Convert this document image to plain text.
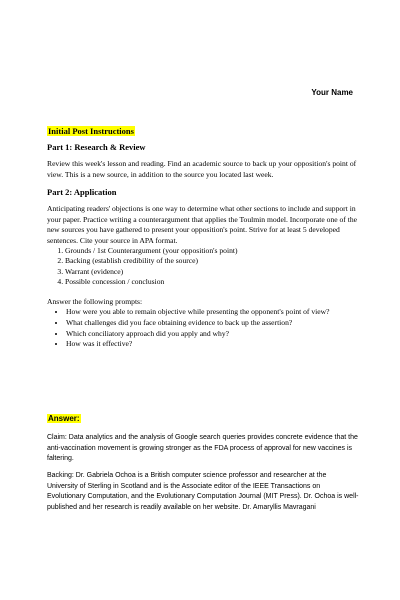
Your Name
Initial Post Instructions
Part 1: Research & Review
Review this week's lesson and reading. Find an academic source to back up your opposition's point of view. This is a new source, in addition to the source you located last week.
Part 2: Application
Anticipating readers' objections is one way to determine what other sections to include and support in your paper. Practice writing a counterargument that applies the Toulmin model. Incorporate one of the new sources you have gathered to present your opposition's point. Strive for at least 5 developed sentences. Cite your source in APA format.
1. Grounds / 1st Counterargument (your opposition's point)
2. Backing (establish credibility of the source)
3. Warrant (evidence)
4. Possible concession / conclusion
Answer the following prompts:
• How were you able to remain objective while presenting the opponent's point of view?
• What challenges did you face obtaining evidence to back up the assertion?
• Which conciliatory approach did you apply and why?
• How was it effective?
Answer:
Claim: Data analytics and the analysis of Google search queries provides concrete evidence that the anti-vaccination movement is growing stronger as the FDA process of approval for new vaccines is faltering.
Backing: Dr. Gabriela Ochoa is a British computer science professor and researcher at the University of Sterling in Scotland and is the Associate editor of the IEEE Transactions on Evolutionary Computation, and the Evolutionary Computation Journal (MIT Press). Dr. Ochoa is well-published and her research is readily available on her website. Dr. Amaryllis Mavragani
